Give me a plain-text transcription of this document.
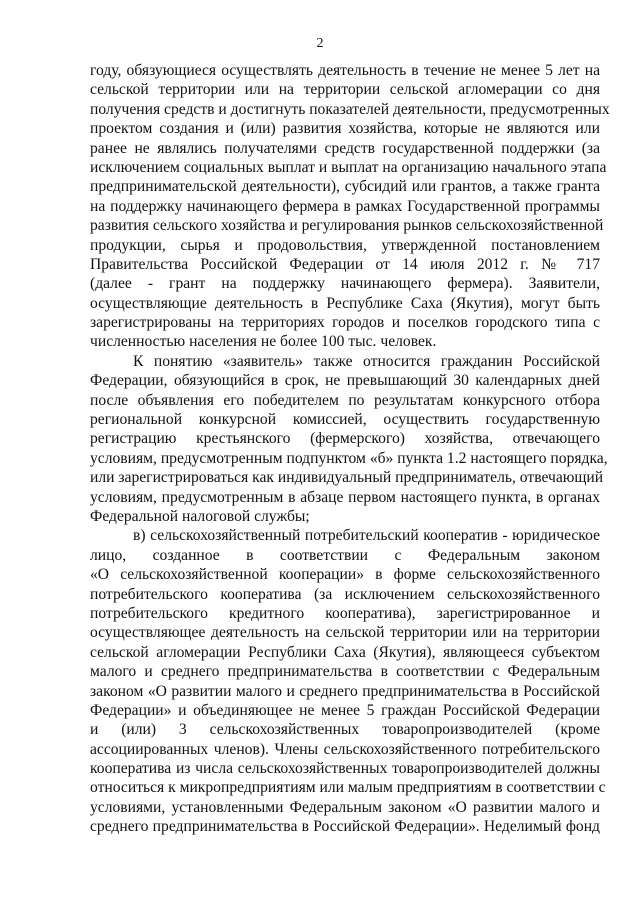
2
году, обязующиеся осуществлять деятельность в течение не менее 5 лет на
сельской территории или на территории сельской агломерации со дня
получения средств и достигнуть показателей деятельности, предусмотренных
проектом создания и (или) развития хозяйства, которые не являются или
ранее не являлись получателями средств государственной поддержки (за
исключением социальных выплат и выплат на организацию начального этапа
предпринимательской деятельности), субсидий или грантов, а также гранта
на поддержку начинающего фермера в рамках Государственной программы
развития сельского хозяйства и регулирования рынков сельскохозяйственной
продукции, сырья и продовольствия, утвержденной постановлением
Правительства Российской Федерации от 14 июля 2012 г. № 717
(далее - грант на поддержку начинающего фермера). Заявители,
осуществляющие деятельность в Республике Саха (Якутия), могут быть
зарегистрированы на территориях городов и поселков городского типа с
численностью населения не более 100 тыс. человек.
К понятию «заявитель» также относится гражданин Российской
Федерации, обязующийся в срок, не превышающий 30 календарных дней
после объявления его победителем по результатам конкурсного отбора
региональной конкурсной комиссией, осуществить государственную
регистрацию крестьянского (фермерского) хозяйства, отвечающего
условиям, предусмотренным подпунктом «б» пункта 1.2 настоящего порядка,
или зарегистрироваться как индивидуальный предприниматель, отвечающий
условиям, предусмотренным в абзаце первом настоящего пункта, в органах
Федеральной налоговой службы;
в) сельскохозяйственный потребительский кооператив - юридическое
лицо, созданное в соответствии с Федеральным законом
«О сельскохозяйственной кооперации» в форме сельскохозяйственного
потребительского кооператива (за исключением сельскохозяйственного
потребительского кредитного кооператива), зарегистрированное и
осуществляющее деятельность на сельской территории или на территории
сельской агломерации Республики Саха (Якутия), являющееся субъектом
малого и среднего предпринимательства в соответствии с Федеральным
законом «О развитии малого и среднего предпринимательства в Российской
Федерации» и объединяющее не менее 5 граждан Российской Федерации
и (или) 3 сельскохозяйственных товаропроизводителей (кроме
ассоциированных членов). Члены сельскохозяйственного потребительского
кооператива из числа сельскохозяйственных товаропроизводителей должны
относиться к микропредприятиям или малым предприятиям в соответствии с
условиями, установленными Федеральным законом «О развитии малого и
среднего предпринимательства в Российской Федерации». Неделимый фонд
